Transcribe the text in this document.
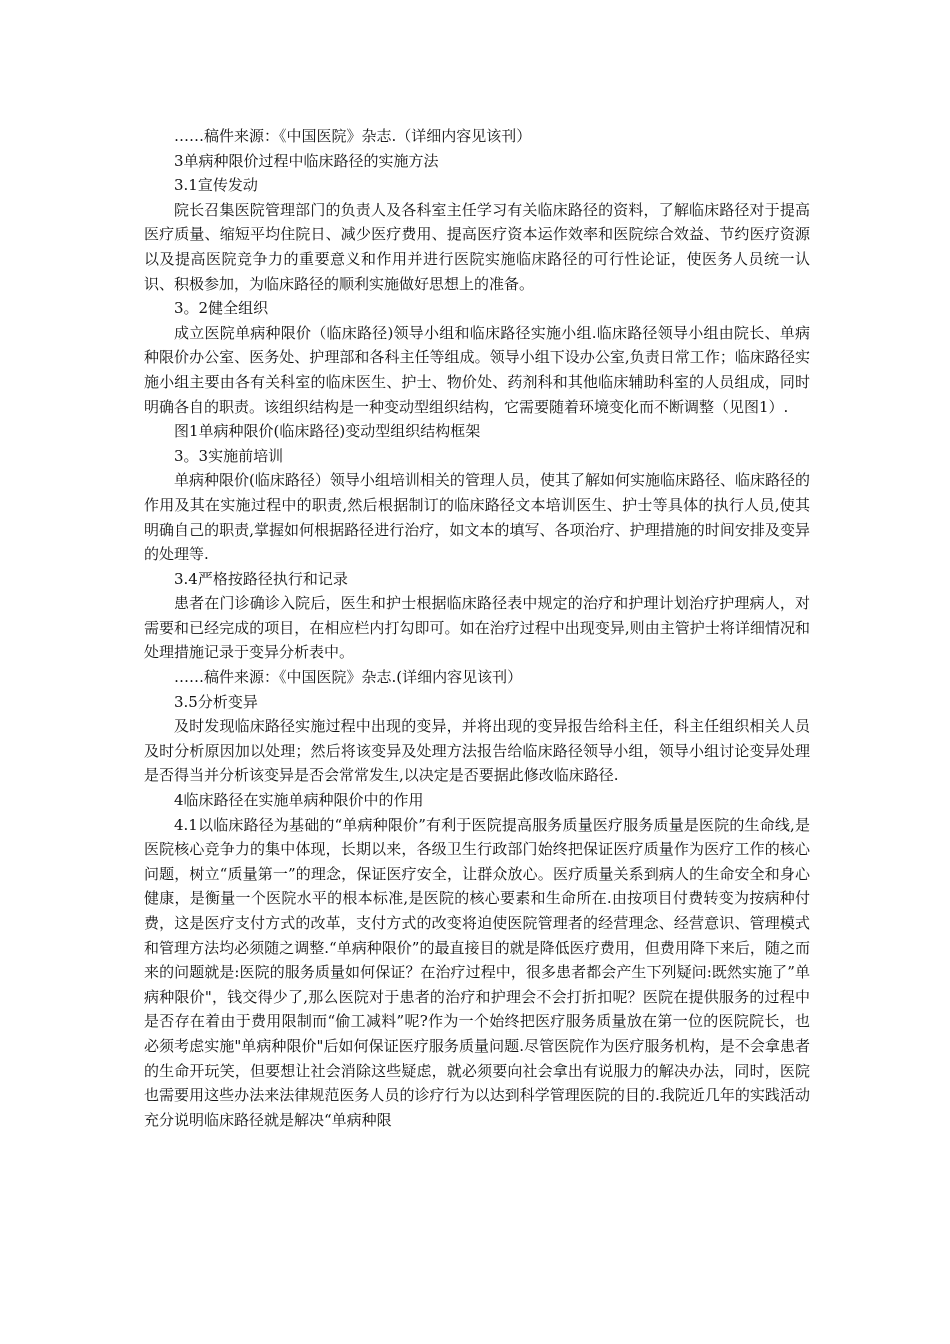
……稿件来源：《中国医院》杂志.（详细内容见该刊）

3单病种限价过程中临床路径的实施方法

3.1宣传发动

院长召集医院管理部门的负责人及各科室主任学习有关临床路径的资料，了解临床路径对于提高医疗质量、缩短平均住院日、减少医疗费用、提高医疗资本运作效率和医院综合效益、节约医疗资源以及提高医院竞争力的重要意义和作用并进行医院实施临床路径的可行性论证，使医务人员统一认识、积极参加，为临床路径的顺利实施做好思想上的准备。

3。2健全组织

成立医院单病种限价（临床路径)领导小组和临床路径实施小组.临床路径领导小组由院长、单病种限价办公室、医务处、护理部和各科主任等组成。领导小组下设办公室,负责日常工作；临床路径实施小组主要由各有关科室的临床医生、护士、物价处、药剂科和其他临床辅助科室的人员组成，同时明确各自的职责。该组织结构是一种变动型组织结构，它需要随着环境变化而不断调整（见图1）.

图1单病种限价(临床路径)变动型组织结构框架

3。3实施前培训

单病种限价(临床路径）领导小组培训相关的管理人员，使其了解如何实施临床路径、临床路径的作用及其在实施过程中的职责,然后根据制订的临床路径文本培训医生、护士等具体的执行人员,使其明确自己的职责,掌握如何根据路径进行治疗，如文本的填写、各项治疗、护理措施的时间安排及变异的处理等.

3.4严格按路径执行和记录

患者在门诊确诊入院后，医生和护士根据临床路径表中规定的治疗和护理计划治疗护理病人，对需要和已经完成的项目，在相应栏内打勾即可。如在治疗过程中出现变异,则由主管护士将详细情况和处理措施记录于变异分析表中。

……稿件来源：《中国医院》杂志.(详细内容见该刊）

3.5分析变异

及时发现临床路径实施过程中出现的变异，并将出现的变异报告给科主任，科主任组织相关人员及时分析原因加以处理；然后将该变异及处理方法报告给临床路径领导小组，领导小组讨论变异处理是否得当并分析该变异是否会常常发生,以决定是否要据此修改临床路径.

4临床路径在实施单病种限价中的作用

4.1以临床路径为基础的“单病种限价”有利于医院提高服务质量医疗服务质量是医院的生命线,是医院核心竞争力的集中体现，长期以来，各级卫生行政部门始终把保证医疗质量作为医疗工作的核心问题，树立“质量第一”的理念，保证医疗安全，让群众放心。医疗质量关系到病人的生命安全和身心健康，是衡量一个医院水平的根本标准,是医院的核心要素和生命所在.由按项目付费转变为按病种付费，这是医疗支付方式的改革，支付方式的改变将迫使医院管理者的经营理念、经营意识、管理模式和管理方法均必须随之调整.“单病种限价”的最直接目的就是降低医疗费用，但费用降下来后，随之而来的问题就是:医院的服务质量如何保证？在治疗过程中，很多患者都会产生下列疑问:既然实施了”单病种限价"，钱交得少了,那么医院对于患者的治疗和护理会不会打折扣呢？医院在提供服务的过程中是否存在着由于费用限制而“偷工减料”呢?作为一个始终把医疗服务质量放在第一位的医院院长，也必须考虑实施"单病种限价"后如何保证医疗服务质量问题.尽管医院作为医疗服务机构，是不会拿患者的生命开玩笑，但要想让社会消除这些疑虑，就必须要向社会拿出有说服力的解决办法，同时，医院也需要用这些办法来法律规范医务人员的诊疗行为以达到科学管理医院的目的.我院近几年的实践活动充分说明临床路径就是解决“单病种限
